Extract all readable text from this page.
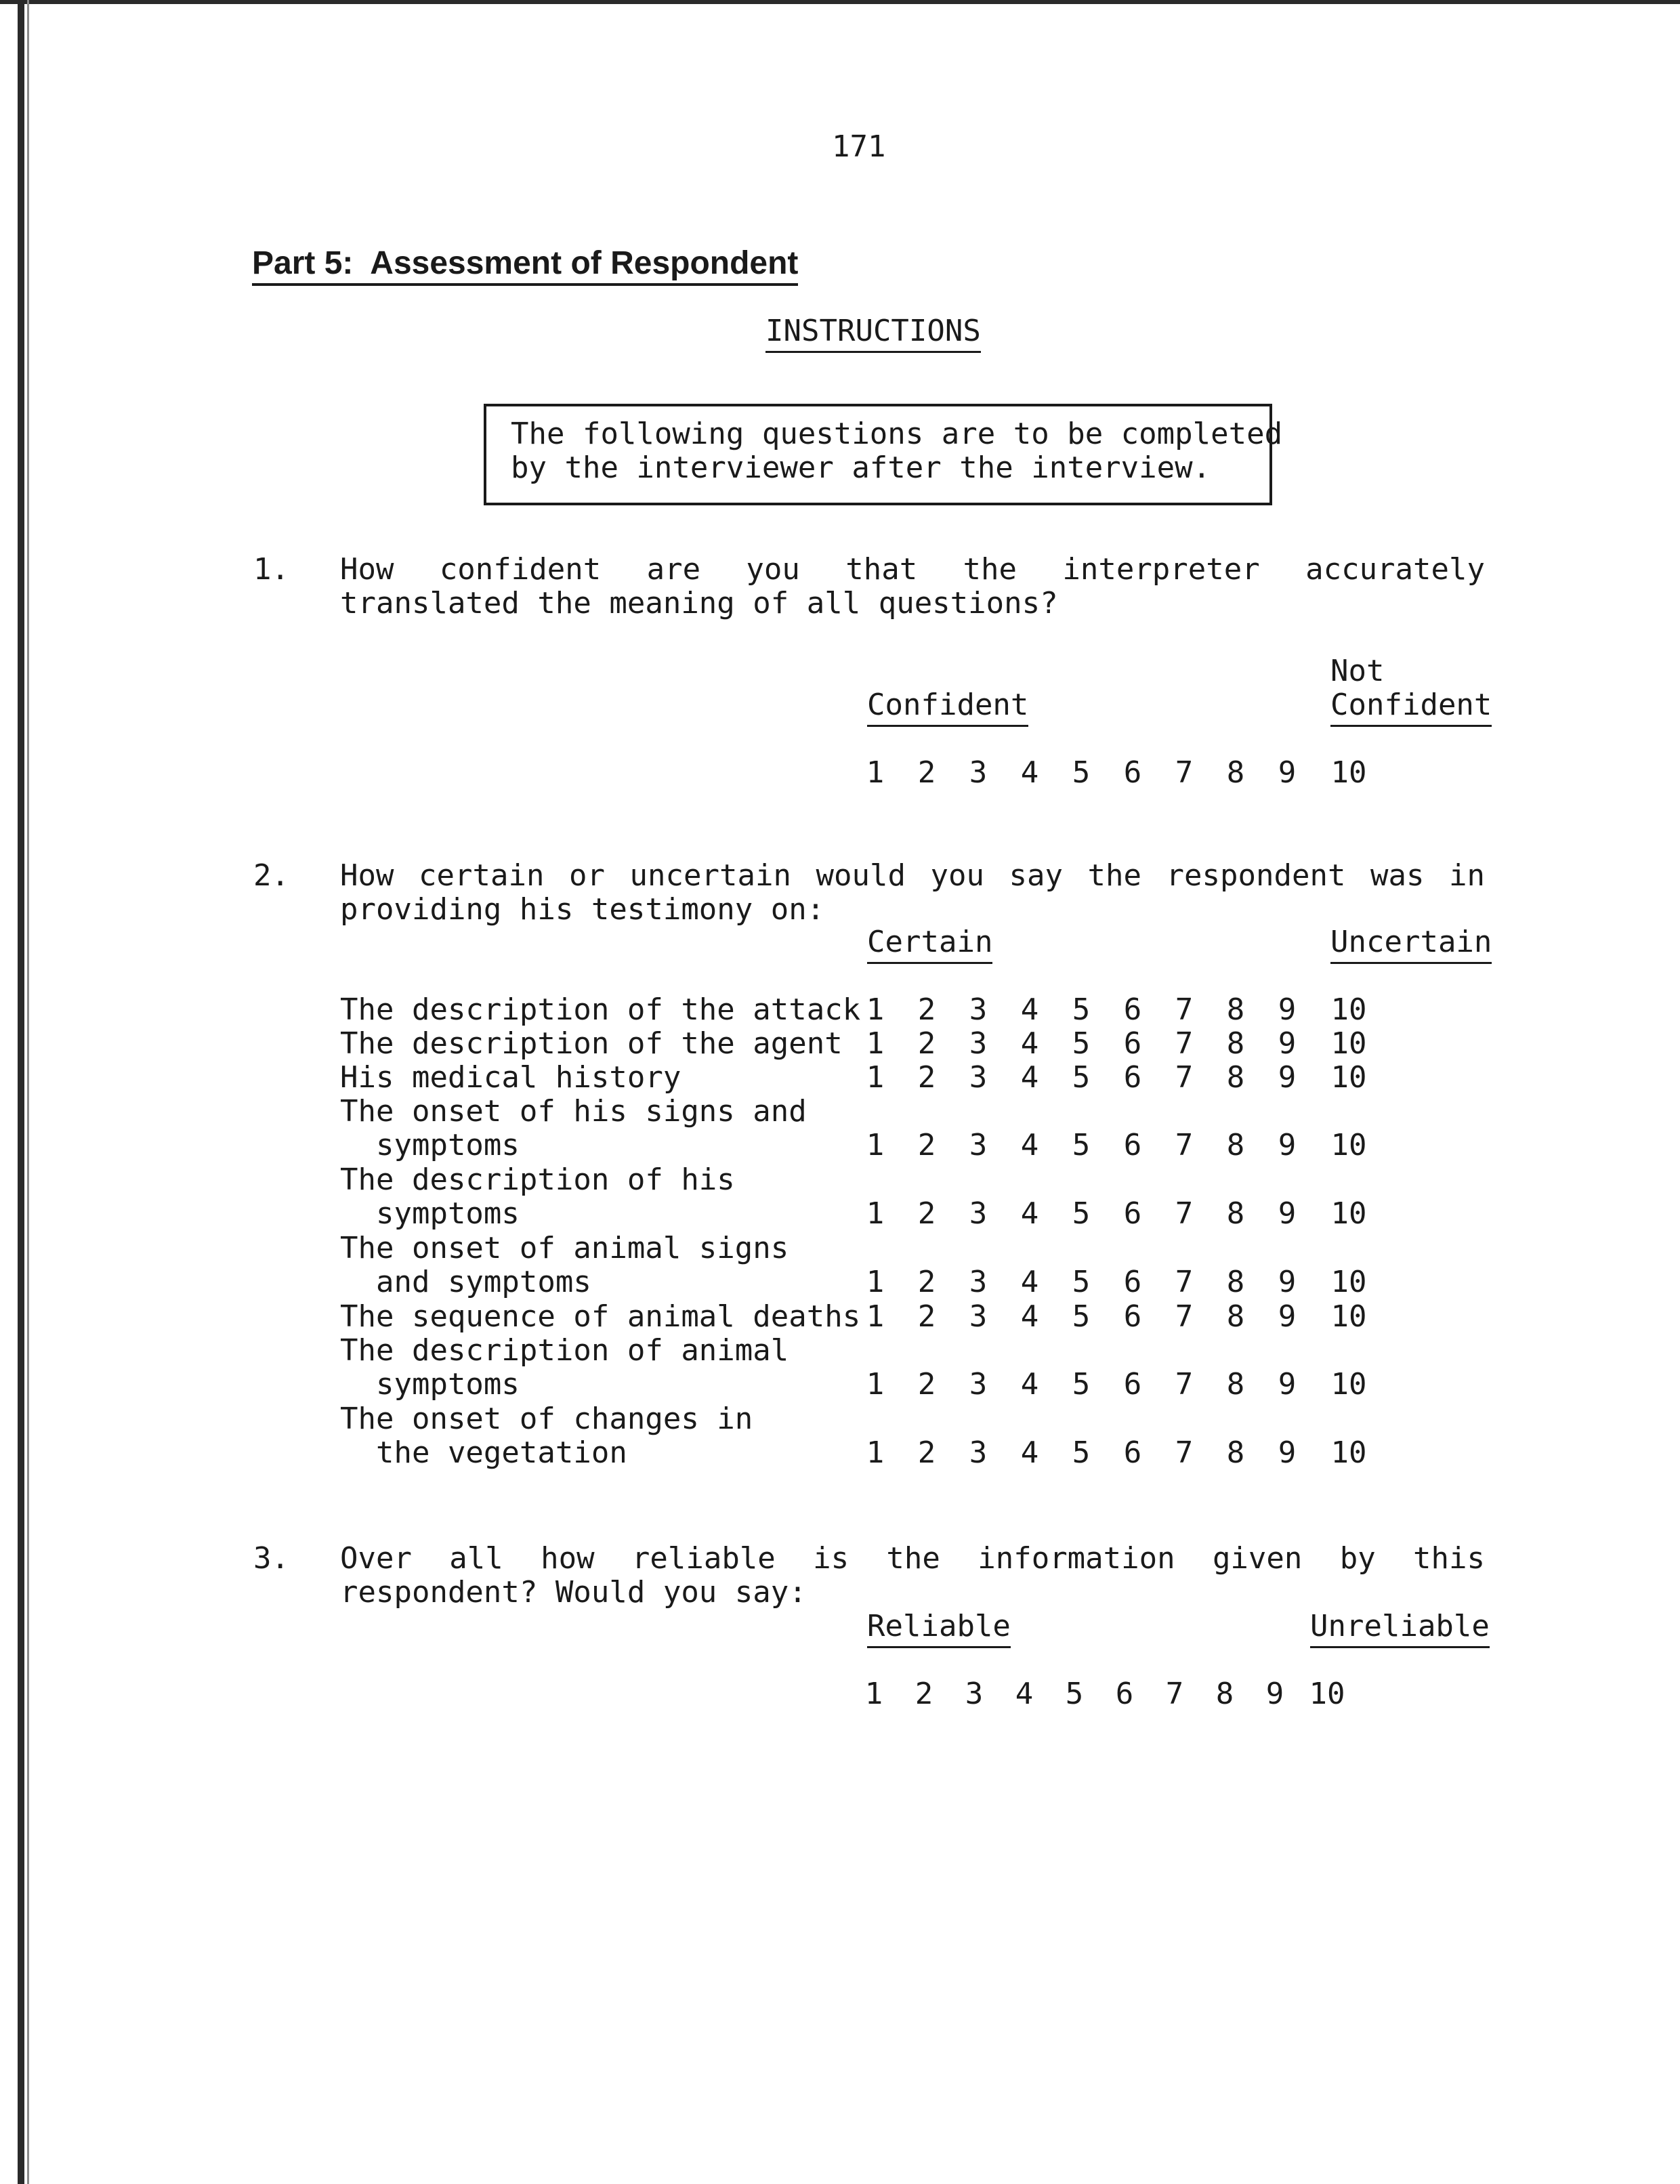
171
Part 5:  Assessment of Respondent
INSTRUCTIONS
The following questions are to be completed
by the interviewer after the interview.
1. How confident are you that the interpreter accurately translated the meaning of all questions?
Confident
Not
Confident
1	2	3	4	5	6	7	8	9	10
2. How certain or uncertain would you say the respondent was in providing his testimony on:
Certain	Uncertain
The description of the attack 1	2	3	4	5	6	7	8	9	10
The description of the agent 1	2	3	4	5	6	7	8	9	10
His medical history	1	2	3	4	5	6	7	8	9	10
The onset of his signs and
symptoms	1	2	3	4	5	6	7	8	9	10
The description of his
symptoms	1	2	3	4	5	6	7	8	9	10
The onset of animal signs
and symptoms	1	2	3	4	5	6	7	8	9	10
The sequence of animal deaths 1	2	3	4	5	6	7	8	9	10
The description of animal
symptoms	1	2	3	4	5	6	7	8	9	10
The onset of changes in
the vegetation	1	2	3	4	5	6	7	8	9	10
3. Over all how reliable is the information given by this respondent? Would you say:
Reliable	Unreliable
1	2	3	4	5	6	7	8	9 10
